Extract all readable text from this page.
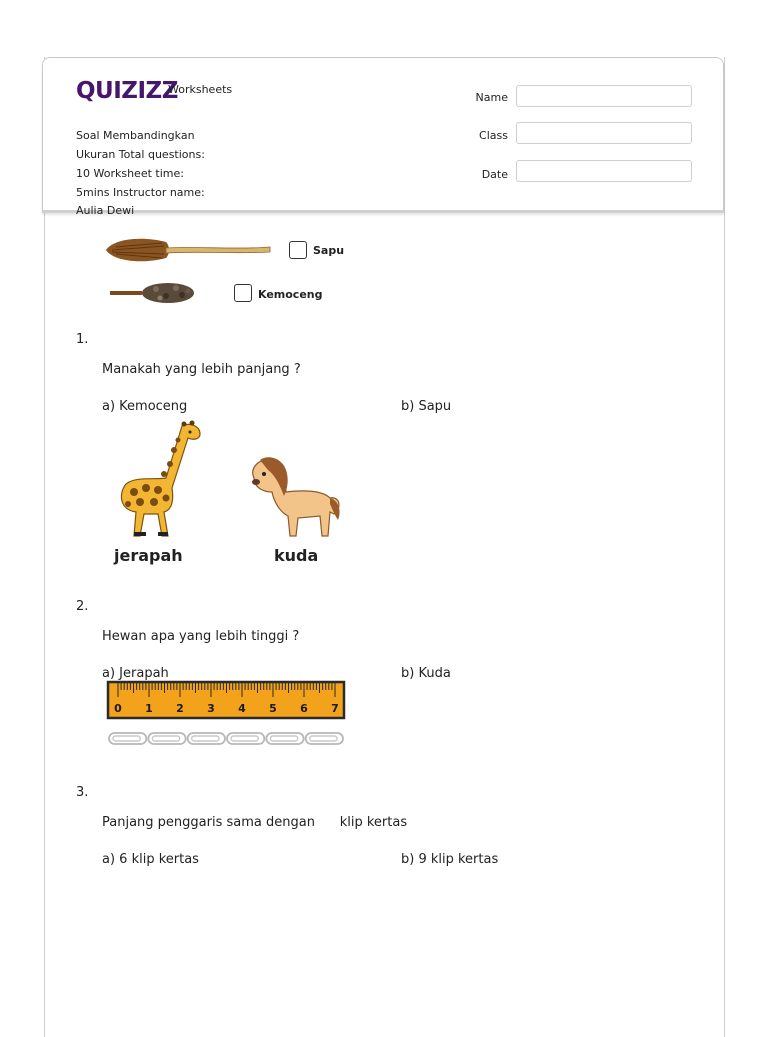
QUIZIZZ
Worksheets
Soal Membandingkan
Ukuran Total questions:
10 Worksheet time:
5mins Instructor name:
Aulia Dewi
Name
Class
Date
Sapu
Kemoceng
1.
Manakah yang lebih panjang ?
a) Kemoceng	b) Sapu
jerapah	kuda
2.
Hewan apa yang lebih tinggi ?
a) Jerapah	b) Kuda
0 1 2 3 4 5 6 7
3.
Panjang penggaris sama dengan      klip kertas
a) 6 klip kertas	b) 9 klip kertas
